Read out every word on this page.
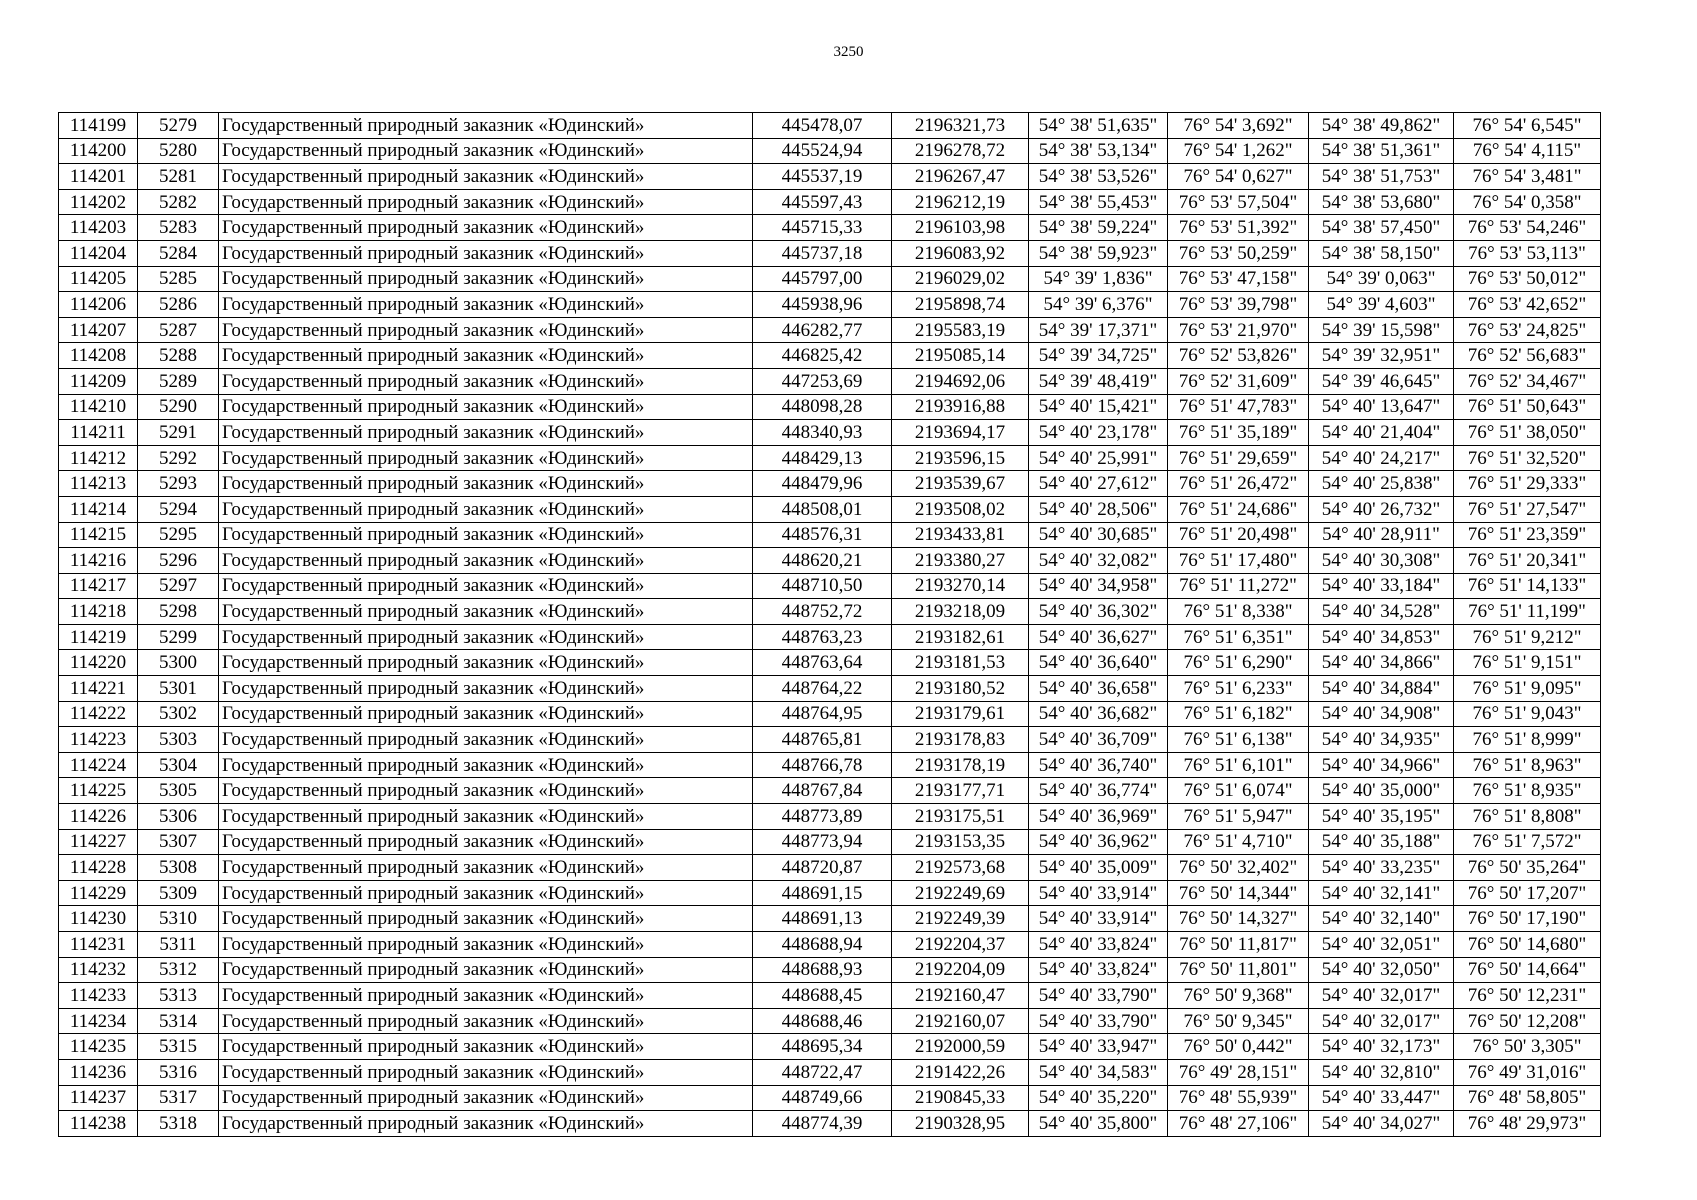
3250
114199	5279	Государственный природный заказник «Юдинский»	445478,07	2196321,73	54° 38' 51,635"	76° 54' 3,692"	54° 38' 49,862"	76° 54' 6,545"
114200	5280	Государственный природный заказник «Юдинский»	445524,94	2196278,72	54° 38' 53,134"	76° 54' 1,262"	54° 38' 51,361"	76° 54' 4,115"
114201	5281	Государственный природный заказник «Юдинский»	445537,19	2196267,47	54° 38' 53,526"	76° 54' 0,627"	54° 38' 51,753"	76° 54' 3,481"
114202	5282	Государственный природный заказник «Юдинский»	445597,43	2196212,19	54° 38' 55,453"	76° 53' 57,504"	54° 38' 53,680"	76° 54' 0,358"
114203	5283	Государственный природный заказник «Юдинский»	445715,33	2196103,98	54° 38' 59,224"	76° 53' 51,392"	54° 38' 57,450"	76° 53' 54,246"
114204	5284	Государственный природный заказник «Юдинский»	445737,18	2196083,92	54° 38' 59,923"	76° 53' 50,259"	54° 38' 58,150"	76° 53' 53,113"
114205	5285	Государственный природный заказник «Юдинский»	445797,00	2196029,02	54° 39' 1,836"	76° 53' 47,158"	54° 39' 0,063"	76° 53' 50,012"
114206	5286	Государственный природный заказник «Юдинский»	445938,96	2195898,74	54° 39' 6,376"	76° 53' 39,798"	54° 39' 4,603"	76° 53' 42,652"
114207	5287	Государственный природный заказник «Юдинский»	446282,77	2195583,19	54° 39' 17,371"	76° 53' 21,970"	54° 39' 15,598"	76° 53' 24,825"
114208	5288	Государственный природный заказник «Юдинский»	446825,42	2195085,14	54° 39' 34,725"	76° 52' 53,826"	54° 39' 32,951"	76° 52' 56,683"
114209	5289	Государственный природный заказник «Юдинский»	447253,69	2194692,06	54° 39' 48,419"	76° 52' 31,609"	54° 39' 46,645"	76° 52' 34,467"
114210	5290	Государственный природный заказник «Юдинский»	448098,28	2193916,88	54° 40' 15,421"	76° 51' 47,783"	54° 40' 13,647"	76° 51' 50,643"
114211	5291	Государственный природный заказник «Юдинский»	448340,93	2193694,17	54° 40' 23,178"	76° 51' 35,189"	54° 40' 21,404"	76° 51' 38,050"
114212	5292	Государственный природный заказник «Юдинский»	448429,13	2193596,15	54° 40' 25,991"	76° 51' 29,659"	54° 40' 24,217"	76° 51' 32,520"
114213	5293	Государственный природный заказник «Юдинский»	448479,96	2193539,67	54° 40' 27,612"	76° 51' 26,472"	54° 40' 25,838"	76° 51' 29,333"
114214	5294	Государственный природный заказник «Юдинский»	448508,01	2193508,02	54° 40' 28,506"	76° 51' 24,686"	54° 40' 26,732"	76° 51' 27,547"
114215	5295	Государственный природный заказник «Юдинский»	448576,31	2193433,81	54° 40' 30,685"	76° 51' 20,498"	54° 40' 28,911"	76° 51' 23,359"
114216	5296	Государственный природный заказник «Юдинский»	448620,21	2193380,27	54° 40' 32,082"	76° 51' 17,480"	54° 40' 30,308"	76° 51' 20,341"
114217	5297	Государственный природный заказник «Юдинский»	448710,50	2193270,14	54° 40' 34,958"	76° 51' 11,272"	54° 40' 33,184"	76° 51' 14,133"
114218	5298	Государственный природный заказник «Юдинский»	448752,72	2193218,09	54° 40' 36,302"	76° 51' 8,338"	54° 40' 34,528"	76° 51' 11,199"
114219	5299	Государственный природный заказник «Юдинский»	448763,23	2193182,61	54° 40' 36,627"	76° 51' 6,351"	54° 40' 34,853"	76° 51' 9,212"
114220	5300	Государственный природный заказник «Юдинский»	448763,64	2193181,53	54° 40' 36,640"	76° 51' 6,290"	54° 40' 34,866"	76° 51' 9,151"
114221	5301	Государственный природный заказник «Юдинский»	448764,22	2193180,52	54° 40' 36,658"	76° 51' 6,233"	54° 40' 34,884"	76° 51' 9,095"
114222	5302	Государственный природный заказник «Юдинский»	448764,95	2193179,61	54° 40' 36,682"	76° 51' 6,182"	54° 40' 34,908"	76° 51' 9,043"
114223	5303	Государственный природный заказник «Юдинский»	448765,81	2193178,83	54° 40' 36,709"	76° 51' 6,138"	54° 40' 34,935"	76° 51' 8,999"
114224	5304	Государственный природный заказник «Юдинский»	448766,78	2193178,19	54° 40' 36,740"	76° 51' 6,101"	54° 40' 34,966"	76° 51' 8,963"
114225	5305	Государственный природный заказник «Юдинский»	448767,84	2193177,71	54° 40' 36,774"	76° 51' 6,074"	54° 40' 35,000"	76° 51' 8,935"
114226	5306	Государственный природный заказник «Юдинский»	448773,89	2193175,51	54° 40' 36,969"	76° 51' 5,947"	54° 40' 35,195"	76° 51' 8,808"
114227	5307	Государственный природный заказник «Юдинский»	448773,94	2193153,35	54° 40' 36,962"	76° 51' 4,710"	54° 40' 35,188"	76° 51' 7,572"
114228	5308	Государственный природный заказник «Юдинский»	448720,87	2192573,68	54° 40' 35,009"	76° 50' 32,402"	54° 40' 33,235"	76° 50' 35,264"
114229	5309	Государственный природный заказник «Юдинский»	448691,15	2192249,69	54° 40' 33,914"	76° 50' 14,344"	54° 40' 32,141"	76° 50' 17,207"
114230	5310	Государственный природный заказник «Юдинский»	448691,13	2192249,39	54° 40' 33,914"	76° 50' 14,327"	54° 40' 32,140"	76° 50' 17,190"
114231	5311	Государственный природный заказник «Юдинский»	448688,94	2192204,37	54° 40' 33,824"	76° 50' 11,817"	54° 40' 32,051"	76° 50' 14,680"
114232	5312	Государственный природный заказник «Юдинский»	448688,93	2192204,09	54° 40' 33,824"	76° 50' 11,801"	54° 40' 32,050"	76° 50' 14,664"
114233	5313	Государственный природный заказник «Юдинский»	448688,45	2192160,47	54° 40' 33,790"	76° 50' 9,368"	54° 40' 32,017"	76° 50' 12,231"
114234	5314	Государственный природный заказник «Юдинский»	448688,46	2192160,07	54° 40' 33,790"	76° 50' 9,345"	54° 40' 32,017"	76° 50' 12,208"
114235	5315	Государственный природный заказник «Юдинский»	448695,34	2192000,59	54° 40' 33,947"	76° 50' 0,442"	54° 40' 32,173"	76° 50' 3,305"
114236	5316	Государственный природный заказник «Юдинский»	448722,47	2191422,26	54° 40' 34,583"	76° 49' 28,151"	54° 40' 32,810"	76° 49' 31,016"
114237	5317	Государственный природный заказник «Юдинский»	448749,66	2190845,33	54° 40' 35,220"	76° 48' 55,939"	54° 40' 33,447"	76° 48' 58,805"
114238	5318	Государственный природный заказник «Юдинский»	448774,39	2190328,95	54° 40' 35,800"	76° 48' 27,106"	54° 40' 34,027"	76° 48' 29,973"
